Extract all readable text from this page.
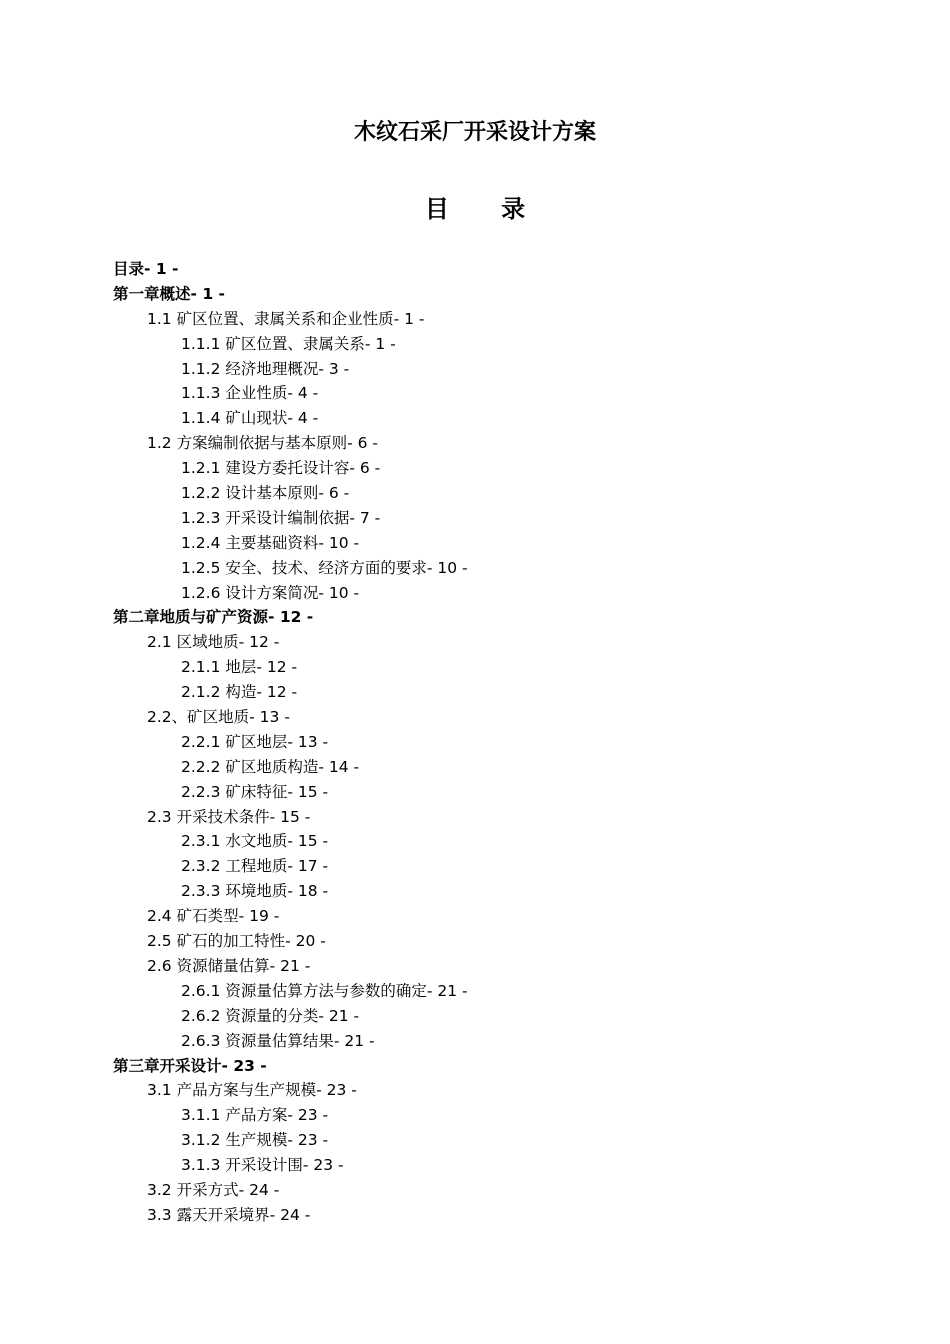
木纹石采厂开采设计方案
目 录
目录- 1 -
第一章概述- 1 -
1.1 矿区位置、隶属关系和企业性质- 1 -
1.1.1 矿区位置、隶属关系- 1 -
1.1.2 经济地理概况- 3 -
1.1.3 企业性质- 4 -
1.1.4 矿山现状- 4 -
1.2 方案编制依据与基本原则- 6 -
1.2.1 建设方委托设计容- 6 -
1.2.2 设计基本原则- 6 -
1.2.3 开采设计编制依据- 7 -
1.2.4 主要基础资料- 10 -
1.2.5 安全、技术、经济方面的要求- 10 -
1.2.6 设计方案简况- 10 -
第二章地质与矿产资源- 12 -
2.1 区域地质- 12 -
2.1.1 地层- 12 -
2.1.2 构造- 12 -
2.2、矿区地质- 13 -
2.2.1 矿区地层- 13 -
2.2.2 矿区地质构造- 14 -
2.2.3 矿床特征- 15 -
2.3 开采技术条件- 15 -
2.3.1 水文地质- 15 -
2.3.2 工程地质- 17 -
2.3.3 环境地质- 18 -
2.4 矿石类型- 19 -
2.5 矿石的加工特性- 20 -
2.6 资源储量估算- 21 -
2.6.1 资源量估算方法与参数的确定- 21 -
2.6.2 资源量的分类- 21 -
2.6.3 资源量估算结果- 21 -
第三章开采设计- 23 -
3.1 产品方案与生产规模- 23 -
3.1.1 产品方案- 23 -
3.1.2 生产规模- 23 -
3.1.3 开采设计围- 23 -
3.2 开采方式- 24 -
3.3 露天开采境界- 24 -
